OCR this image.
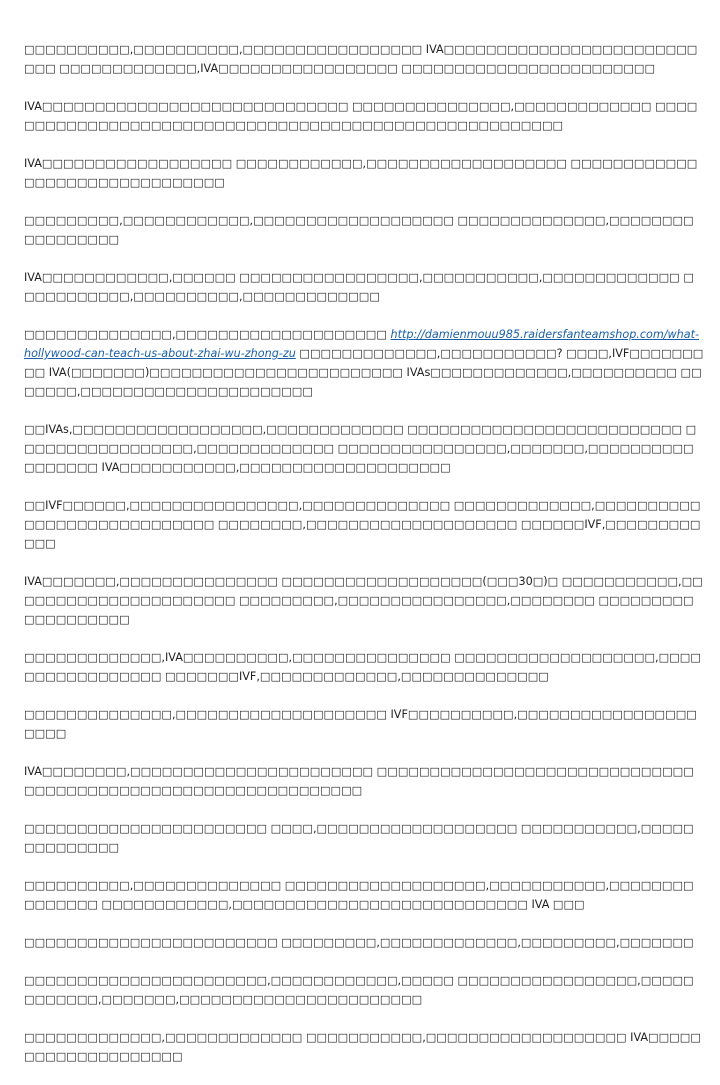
□□□□□□□□□□,□□□□□□□□□□,□□□□□□□□□□□□□□□□□ IVA□□□□□□□□□□□□□□□□□□□□□□□□□□□ □□□□□□□□□□□□□,IVA□□□□□□□□□□□□□□□□□ □□□□□□□□□□□□□□□□□□□□□□□□

IVA□□□□□□□□□□□□□□□□□□□□□□□□□□□□□ □□□□□□□□□□□□□□□,□□□□□□□□□□□□□ □□□□□□□□□□□□□□□□□□□□□□□□□□□□□□□□□□□□□□□□□□□□□□□□□□□□□□□

IVA□□□□□□□□□□□□□□□□□□ □□□□□□□□□□□□,□□□□□□□□□□□□□□□□□□□ □□□□□□□□□□□□□□□□□□□□□□□□□□□□□□□

□□□□□□□□□,□□□□□□□□□□□□,□□□□□□□□□□□□□□□□□□□ □□□□□□□□□□□□□□,□□□□□□□□□□□□□□□□□

IVA□□□□□□□□□□□□,□□□□□□ □□□□□□□□□□□□□□□□□,□□□□□□□□□□□,□□□□□□□□□□□□□ □□□□□□□□□□□,□□□□□□□□□□,□□□□□□□□□□□□□

□□□□□□□□□□□□□□,□□□□□□□□□□□□□□□□□□□□ http://damienmouu985.raidersfanteamshop.com/what-hollywood-can-teach-us-about-zhai-wu-zhong-zu □□□□□□□□□□□□□,□□□□□□□□□□□? □□□□,IVF□□□□□□□□□ IVA(□□□□□□□)□□□□□□□□□□□□□□□□□□□□□□□□ IVAs□□□□□□□□□□□□□,□□□□□□□□□□ □□□□□□□,□□□□□□□□□□□□□□□□□□□□□□

□□IVAs,□□□□□□□□□□□□□□□□□□,□□□□□□□□□□□□□ □□□□□□□□□□□□□□□□□□□□□□□□□□ □□□□□□□□□□□□□□□□□,□□□□□□□□□□□□□ □□□□□□□□□□□□□□□□,□□□□□□□,□□□□□□□□□□□□□□□□□ IVA□□□□□□□□□□□,□□□□□□□□□□□□□□□□□□□□

□□IVF□□□□□□,□□□□□□□□□□□□□□□□,□□□□□□□□□□□□□□ □□□□□□□□□□□□□,□□□□□□□□□□□□□□□□□□□□□□□□□□□□ □□□□□□□□,□□□□□□□□□□□□□□□□□□□□ □□□□□□IVF,□□□□□□□□□□□□

IVA□□□□□□□,□□□□□□□□□□□□□□□ □□□□□□□□□□□□□□□□□□□(□□□30□)□ □□□□□□□□□□□,□□□□□□□□□□□□□□□□□□□□□□ □□□□□□□□□,□□□□□□□□□□□□□□□□,□□□□□□□□ □□□□□□□□□□□□□□□□□□□

□□□□□□□□□□□□□,IVA□□□□□□□□□□,□□□□□□□□□□□□□□□ □□□□□□□□□□□□□□□□□□□,□□□□□□□□□□□□□□□□□ □□□□□□□IVF,□□□□□□□□□□□□□,□□□□□□□□□□□□□□

□□□□□□□□□□□□□□,□□□□□□□□□□□□□□□□□□□□ IVF□□□□□□□□□□,□□□□□□□□□□□□□□□□□□□□□

IVA□□□□□□□□,□□□□□□□□□□□□□□□□□□□□□□□ □□□□□□□□□□□□□□□□□□□□□□□□□□□□□□ □□□□□□□□□□□□□□□□□□□□□□□□□□□□□□□□

□□□□□□□□□□□□□□□□□□□□□□□ □□□□,□□□□□□□□□□□□□□□□□□□ □□□□□□□□□□□,□□□□□□□□□□□□□□

□□□□□□□□□□,□□□□□□□□□□□□□□ □□□□□□□□□□□□□□□□□□□,□□□□□□□□□□□,□□□□□□□□□□□□□□□ □□□□□□□□□□□□,□□□□□□□□□□□□□□□□□□□□□□□□□□□□ IVA □□□

□□□□□□□□□□□□□□□□□□□□□□□□ □□□□□□□□□,□□□□□□□□□□□□□,□□□□□□□□□,□□□□□□□

□□□□□□□□□□□□□□□□□□□□□□□,□□□□□□□□□□□□,□□□□□ □□□□□□□□□□□□□□□□□,□□□□□□□□□□□□,□□□□□□□,□□□□□□□□□□□□□□□□□□□□□□□

□□□□□□□□□□□□□,□□□□□□□□□□□□□ □□□□□□□□□□□,□□□□□□□□□□□□□□□□□□□ IVA□□□□□□□□□□□□□□□□□□□□
